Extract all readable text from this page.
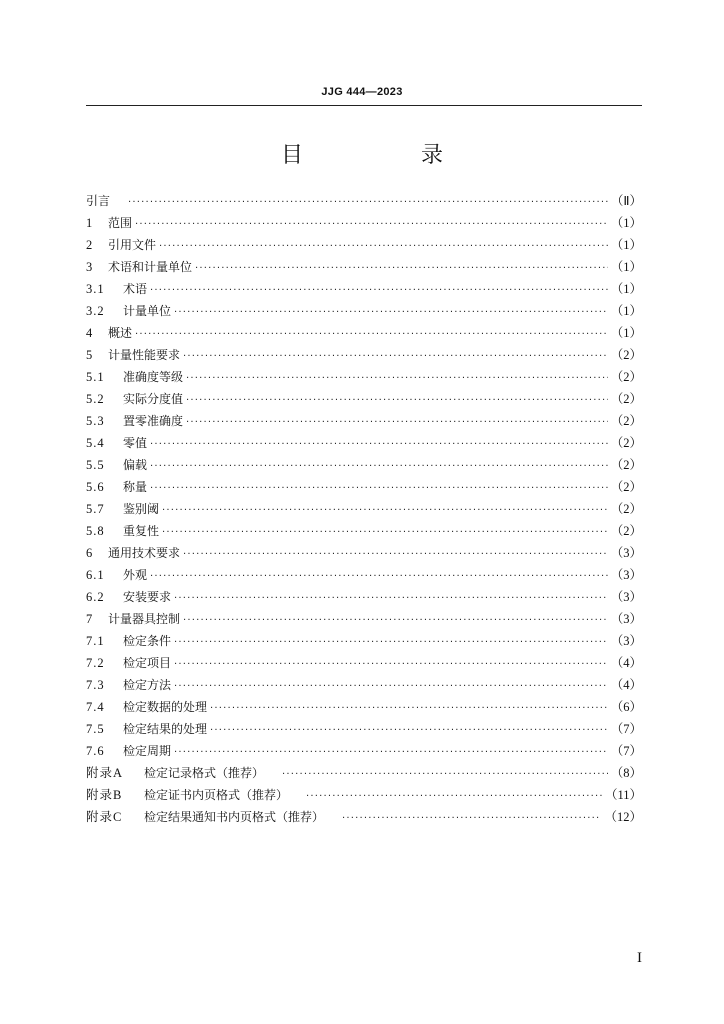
JJG 444—2023
目　录
引言 ·····	（Ⅱ）
1	范围 ·····	（1）
2	引用文件 ·····	（1）
3	术语和计量单位 ·····	（1）
3.1	术语 ·····	（1）
3.2	计量单位 ·····	（1）
4	概述 ·····	（1）
5	计量性能要求 ·····	（2）
5.1	准确度等级 ·····	（2）
5.2	实际分度值 ·····	（2）
5.3	置零准确度 ·····	（2）
5.4	零值 ·····	（2）
5.5	偏载 ·····	（2）
5.6	称量 ·····	（2）
5.7	鉴别阈 ·····	（2）
5.8	重复性 ·····	（2）
6	通用技术要求 ·····	（3）
6.1	外观 ·····	（3）
6.2	安装要求 ·····	（3）
7	计量器具控制 ·····	（3）
7.1	检定条件 ·····	（3）
7.2	检定项目 ·····	（4）
7.3	检定方法 ·····	（4）
7.4	检定数据的处理 ·····	（6）
7.5	检定结果的处理 ·····	（7）
7.6	检定周期 ·····	（7）
附录A	检定记录格式（推荐） ·····	（8）
附录B	检定证书内页格式（推荐） ·····	（11）
附录C	检定结果通知书内页格式（推荐） ·····	（12）
I
